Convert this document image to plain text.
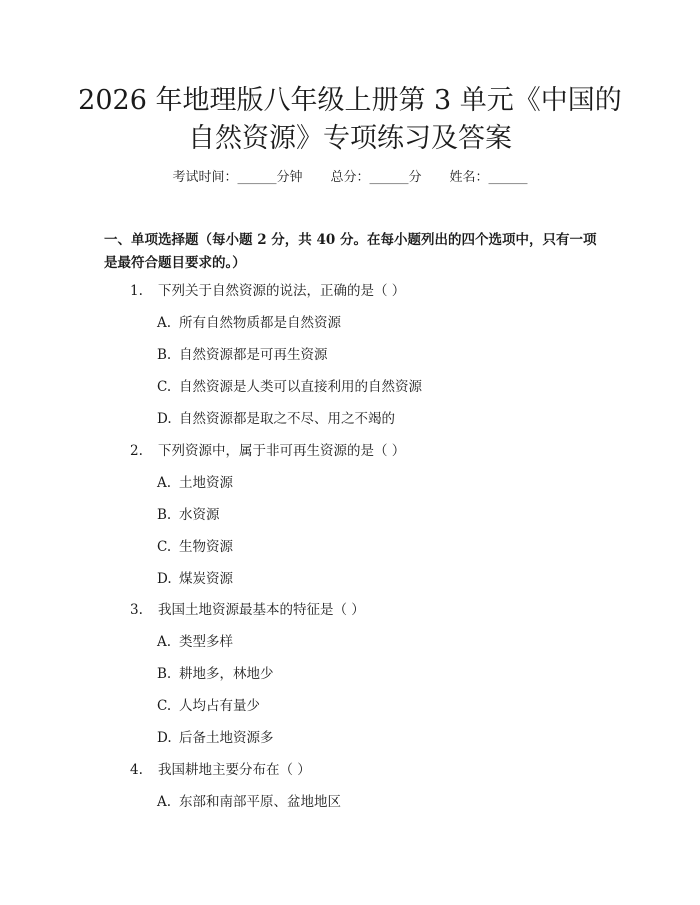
2026 年地理版八年级上册第 3 单元《中国的
自然资源》专项练习及答案
考试时间：______分钟 总分：______分 姓名：______

一、单项选择题（每小题 2 分，共 40 分。在每小题列出的四个选项中，只有一项

是最符合题目要求的。）

1. 下列关于自然资源的说法，正确的是（ ）
A. 所有自然物质都是自然资源
B. 自然资源都是可再生资源
C. 自然资源是人类可以直接利用的自然资源
D. 自然资源都是取之不尽、用之不竭的
2. 下列资源中，属于非可再生资源的是（ ）
A. 土地资源
B. 水资源
C. 生物资源
D. 煤炭资源
3. 我国土地资源最基本的特征是（ ）
A. 类型多样
B. 耕地多，林地少
C. 人均占有量少
D. 后备土地资源多
4. 我国耕地主要分布在（ ）
A. 东部和南部平原、盆地地区
